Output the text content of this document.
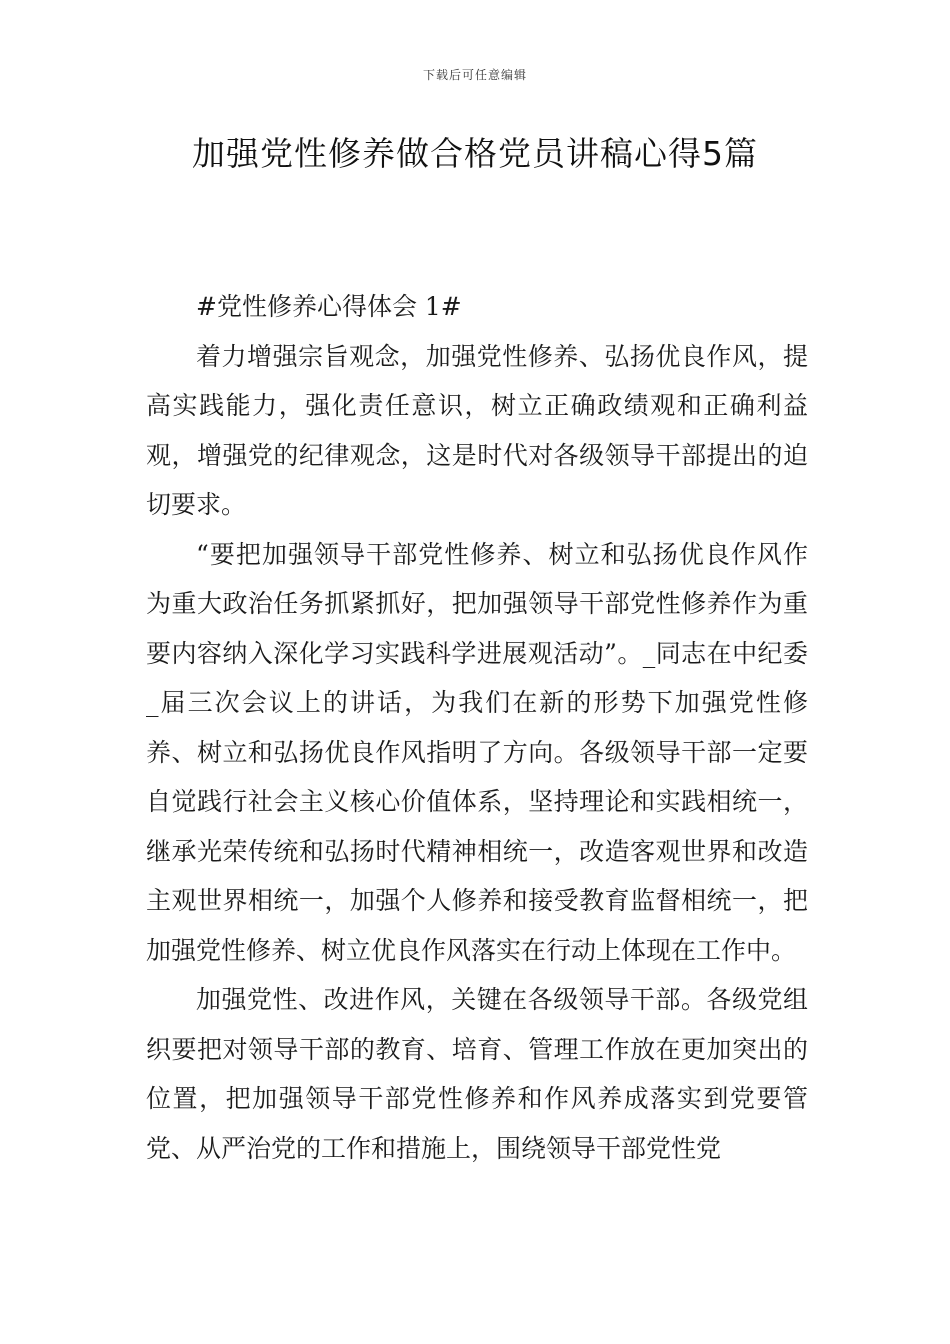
下载后可任意编辑
加强党性修养做合格党员讲稿心得5篇

#党性修养心得体会 1#

着力增强宗旨观念，加强党性修养、弘扬优良作风，提高实践能力，强化责任意识，树立正确政绩观和正确利益观，增强党的纪律观念，这是时代对各级领导干部提出的迫切要求。

“要把加强领导干部党性修养、树立和弘扬优良作风作为重大政治任务抓紧抓好，把加强领导干部党性修养作为重要内容纳入深化学习实践科学进展观活动”。_同志在中纪委_届三次会议上的讲话，为我们在新的形势下加强党性修养、树立和弘扬优良作风指明了方向。各级领导干部一定要自觉践行社会主义核心价值体系，坚持理论和实践相统一，继承光荣传统和弘扬时代精神相统一，改造客观世界和改造主观世界相统一，加强个人修养和接受教育监督相统一，把加强党性修养、树立优良作风落实在行动上体现在工作中。

加强党性、改进作风，关键在各级领导干部。各级党组织要把对领导干部的教育、培育、管理工作放在更加突出的位置，把加强领导干部党性修养和作风养成落实到党要管党、从严治党的工作和措施上，围绕领导干部党性党
